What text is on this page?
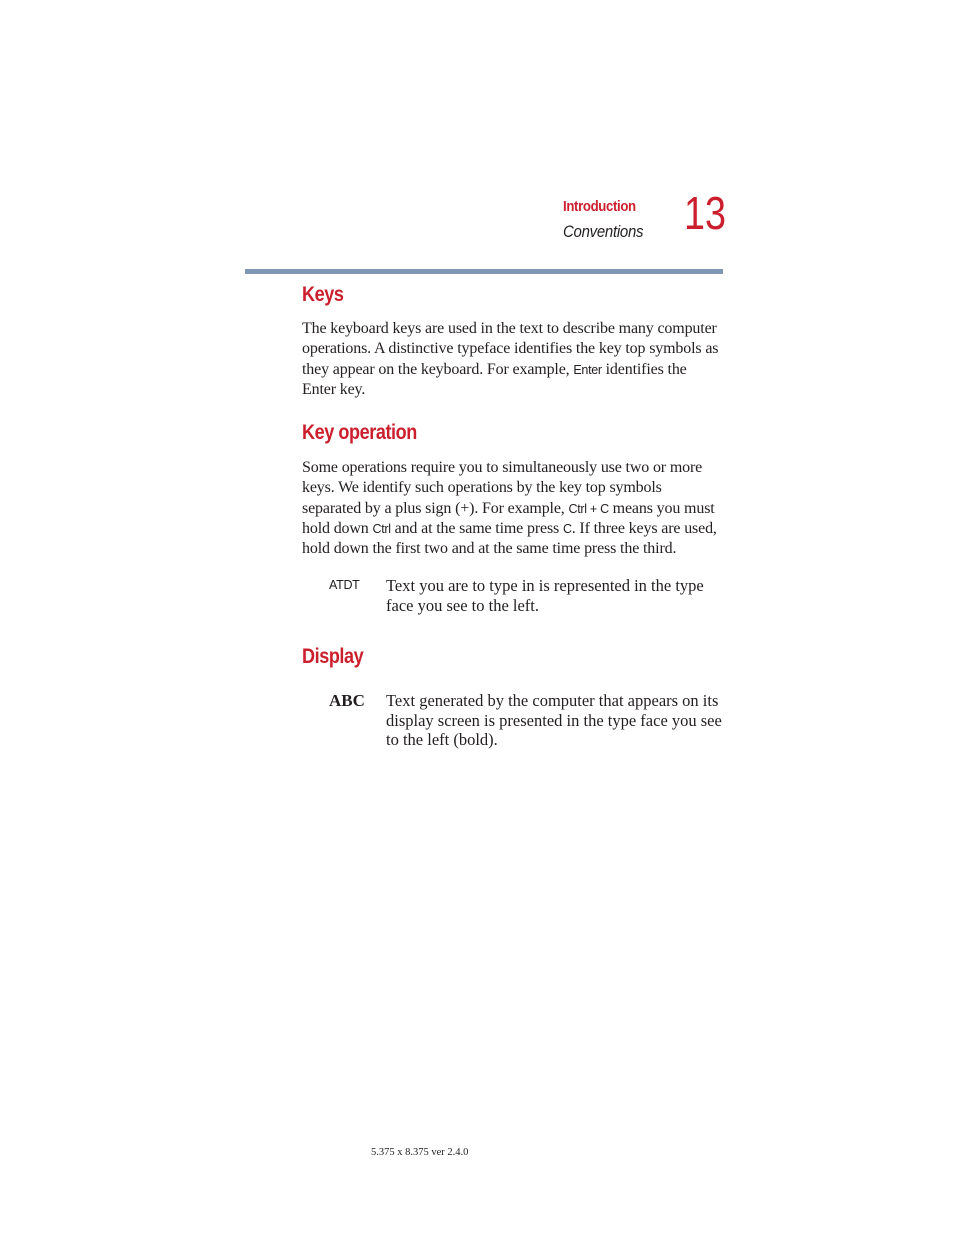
Introduction
Conventions 13
Keys
The keyboard keys are used in the text to describe many computer operations. A distinctive typeface identifies the key top symbols as they appear on the keyboard. For example, Enter identifies the Enter key.
Key operation
Some operations require you to simultaneously use two or more keys. We identify such operations by the key top symbols separated by a plus sign (+). For example, Ctrl + C means you must hold down Ctrl and at the same time press C. If three keys are used, hold down the first two and at the same time press the third.
ATDT Text you are to type in is represented in the type face you see to the left.
Display
ABC Text generated by the computer that appears on its display screen is presented in the type face you see to the left (bold).
5.375 x 8.375 ver 2.4.0
